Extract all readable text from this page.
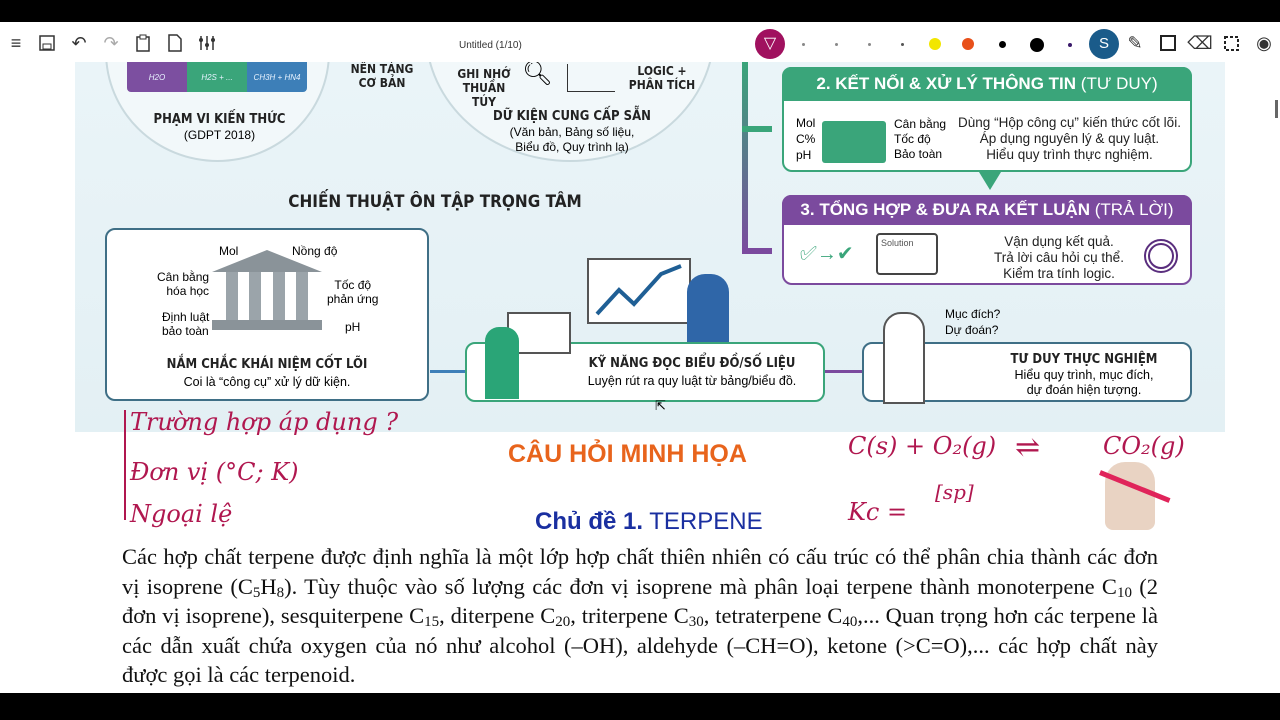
≡	↶ ↷	Untitled (1/10)	▽	S	✎	⌫ ◉
H2O	H2S + ...	CH3H + HN4
PHẠM VI KIẾN THỨC
(GDPT 2018)
NỀN TẢNG
CƠ BẢN
GHI NHỚ
THUẦN TÚY
🔍︎	LOGIC +
PHÂN TÍCH
DỮ KIỆN CUNG CẤP SẴN
(Văn bản, Bảng số liệu,
Biểu đồ, Quy trình lạ)
CHIẾN THUẬT ÔN TẬP TRỌNG TÂM
2. KẾT NỐI & XỬ LÝ THÔNG TIN
(TƯ DUY)
Mol
C%
pH
Cân bằng
Tốc độ
Bảo toàn
Dùng “Hộp công cụ” kiến thức cốt lõi.
Áp dụng nguyên lý & quy luật.
Hiểu quy trình thực nghiệm.
3. TỔNG HỢP & ĐƯA RA KẾT LUẬN
(TRẢ LỜI)
✅︎→✔	Solution	Vận dụng kết quả.
Trả lời câu hỏi cụ thể.
Kiểm tra tính logic.
Mol	Nồng độ
Cân bằng
hóa học	Tốc độ
phản ứng
Định luật
bảo toàn	pH
NẮM CHẮC KHÁI NIỆM CỐT LÕI
Coi là “công cụ” xử lý dữ kiện.
KỸ NĂNG ĐỌC BIỂU ĐỒ/SỐ LIỆU
Luyện rút ra quy luật từ bảng/biểu đồ.
TƯ DUY THỰC NGHIỆM
Hiểu quy trình, mục đích,
dự đoán hiện tượng.
Mục đích?
Dự đoán?
Trường hợp áp dụng ?
Đơn vị (°C; K)
Ngoại lệ
CÂU HỎI MINH HỌA
Chủ đề 1. TERPENE
C(s) + O₂(g) ⇌	CO₂(g)
Kc =
[sp]
Các hợp chất terpene được định nghĩa là một lớp hợp chất thiên nhiên có cấu trúc có thể phân chia thành các đơn vị isoprene $(C_5H_8)$. Tùy thuộc vào số lượng các đơn vị isoprene mà phân loại terpene thành monoterpene $C_{10}$ (2 đơn vị isoprene), sesquiterpene $C_{15}$, diterpene $C_{20}$, triterpene $C_{30}$, tetraterpene $C_{40}$,... Quan trọng hơn các terpene là các dẫn xuất chứa oxygen của nó như alcohol (–OH), aldehyde (–CH=O), ketone (>C=O),... các hợp chất này được gọi là các terpenoid.
⇱
